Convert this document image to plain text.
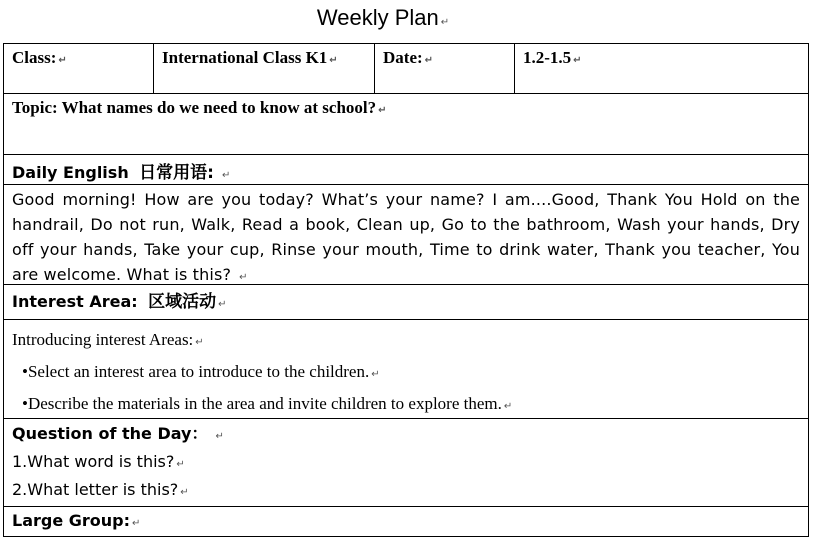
Weekly Plan ↵
Class: ↵	International Class K1 ↵	Date: ↵	1.2-1.5 ↵
Topic: What names do we need to know at school? ↵
Daily English 日常用语: ↵
Good morning! How are you today? What’s your name? I am....Good, Thank You Hold on the handrail, Do not run, Walk, Read a book, Clean up, Go to the bathroom, Wash your hands, Dry off your hands, Take your cup, Rinse your mouth, Time to drink water, Thank you teacher, You are welcome. What is this? ↵
Interest Area: 区域活动 ↵
Introducing interest Areas: ↵
•Select an interest area to introduce to the children. ↵
•Describe the materials in the area and invite children to explore them. ↵
Question of the Day： ↵
1.What word is this? ↵
2.What letter is this? ↵
Large Group: ↵
